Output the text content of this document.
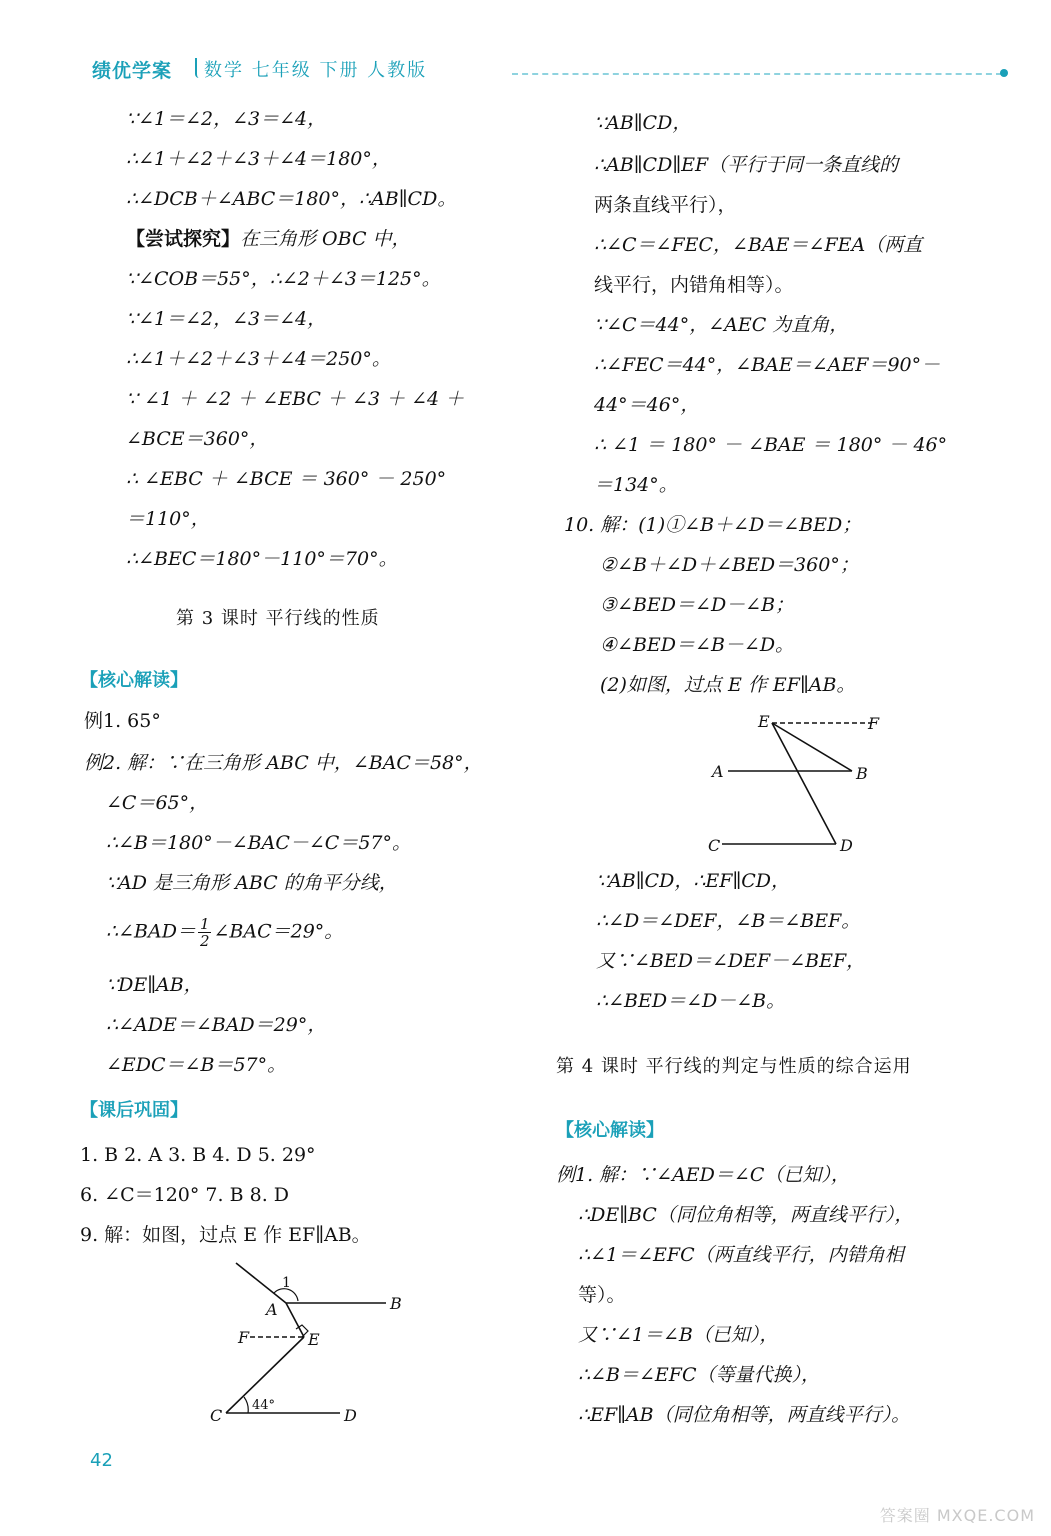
绩优学案 数学 七年级 下册 人教版
∵∠1＝∠2，∠3＝∠4，
∴∠1＋∠2＋∠3＋∠4＝180°，
∴∠DCB＋∠ABC＝180°，∴AB∥CD。
【尝试探究】在三角形 OBC 中，
∵∠COB＝55°，∴∠2＋∠3＝125°。
∵∠1＝∠2，∠3＝∠4，
∴∠1＋∠2＋∠3＋∠4＝250°。
∵ ∠1 ＋ ∠2 ＋ ∠EBC ＋ ∠3 ＋ ∠4 ＋
∠BCE＝360°，
∴ ∠EBC ＋ ∠BCE ＝ 360° － 250°
＝110°，
∴∠BEC＝180°－110°＝70°。
第 3 课时 平行线的性质
【核心解读】
例1. 65°
例2. 解：∵在三角形 ABC 中，∠BAC＝58°，
∠C＝65°，
∴∠B＝180°－∠BAC－∠C＝57°。
∵AD 是三角形 ABC 的角平分线，
∴∠BAD＝ $\frac{1}{2}$ ∠BAC＝29°。
∵DE∥AB，
∴∠ADE＝∠BAD＝29°，
∠EDC＝∠B＝57°。
【课后巩固】
1. B 2. A 3. B 4. D 5. 29°
6. ∠C＝120° 7. B 8. D
9. 解：如图，过点 E 作 EF∥AB。
1
A	B
F	E
C	D
44°
∵AB∥CD，
∴AB∥CD∥EF（平行于同一条直线的
两条直线平行），
∴∠C＝∠FEC，∠BAE＝∠FEA（两直
线平行，内错角相等）。
∵∠C＝44°，∠AEC 为直角，
∴∠FEC＝44°，∠BAE＝∠AEF＝90°－
44°＝46°，
∴ ∠1 ＝ 180° － ∠BAE ＝ 180° － 46°
＝134°。
10. 解：(1)①∠B＋∠D＝∠BED；
②∠B＋∠D＋∠BED＝360°；
③∠BED＝∠D－∠B；
④∠BED＝∠B－∠D。
(2)如图，过点 E 作 EF∥AB。
E	F
A	B
C	D
∵AB∥CD，∴EF∥CD，
∴∠D＝∠DEF，∠B＝∠BEF。
又∵∠BED＝∠DEF－∠BEF，
∴∠BED＝∠D－∠B。
第 4 课时 平行线的判定与性质的综合运用
【核心解读】
例1. 解：∵∠AED＝∠C（已知），
∴DE∥BC（同位角相等，两直线平行），
∴∠1＝∠EFC（两直线平行，内错角相
等）。
又∵∠1＝∠B（已知），
∴∠B＝∠EFC（等量代换），
∴EF∥AB（同位角相等，两直线平行）。
42
答案圈 MXQE.COM
